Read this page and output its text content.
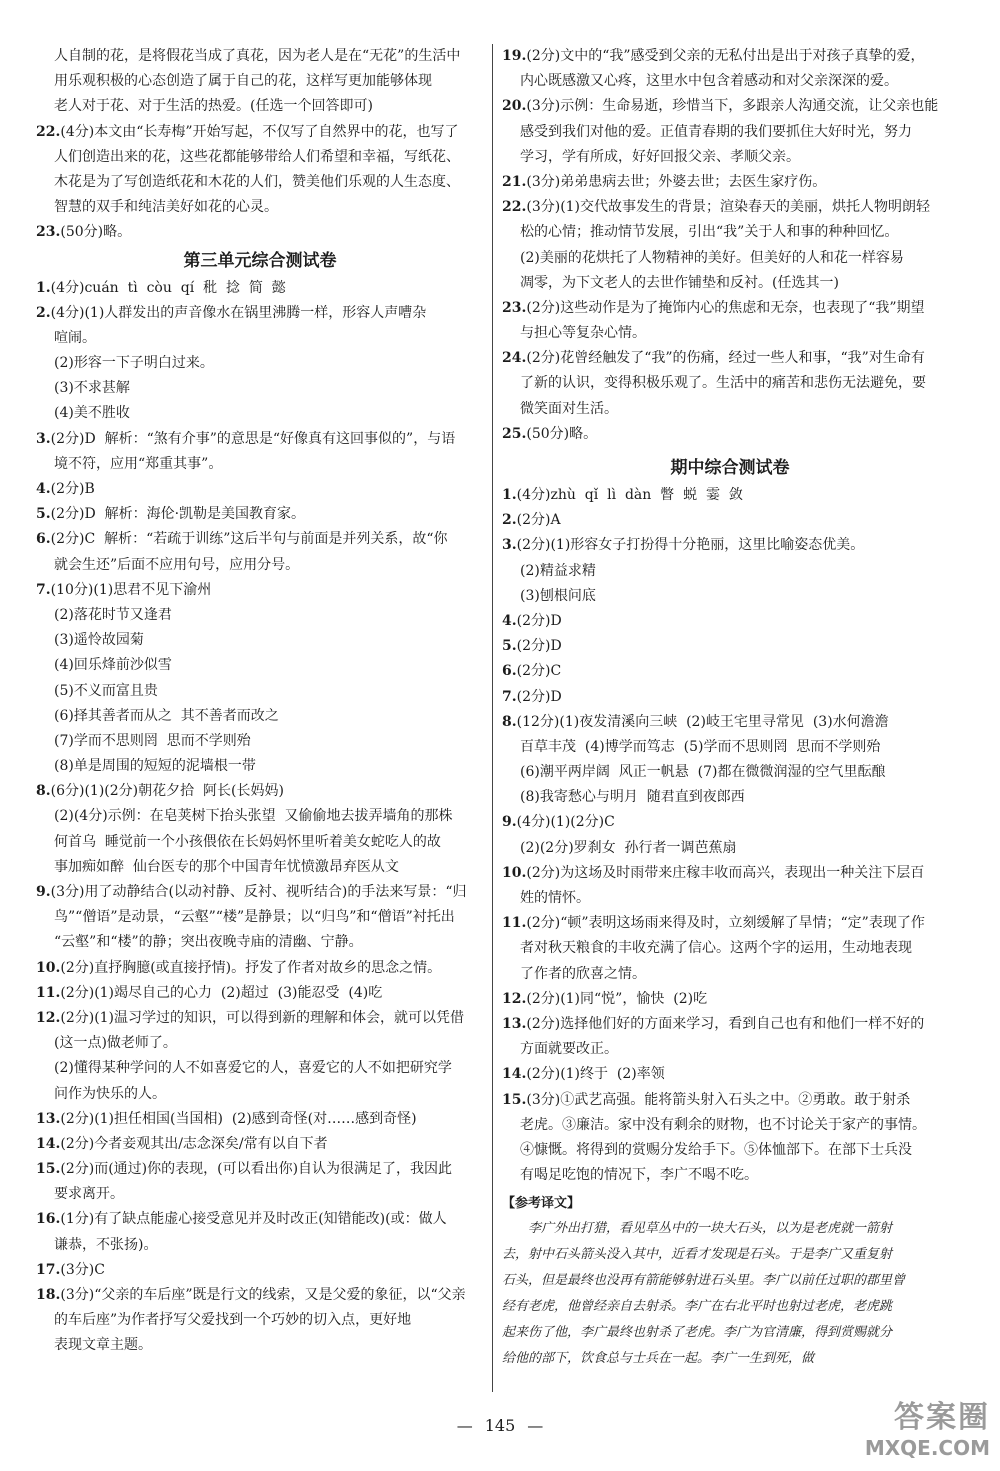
人自制的花，是将假花当成了真花，因为老人是在“无花”的生活中
用乐观积极的心态创造了属于自己的花，这样写更加能够体现
老人对于花、对于生活的热爱。(任选一个回答即可)
22.(4分)本文由“长寿梅”开始写起，不仅写了自然界中的花，也写了
人们创造出来的花，这些花都能够带给人们希望和幸福，写纸花、
木花是为了写创造纸花和木花的人们，赞美他们乐观的人生态度、
智慧的双手和纯洁美好如花的心灵。
23.(50分)略。
第三单元综合测试卷
1.(4分)cuán  tì  còu  qí  秕  捻  简  懿
2.(4分)(1)人群发出的声音像水在锅里沸腾一样，形容人声嘈杂
喧闹。
(2)形容一下子明白过来。
(3)不求甚解
(4)美不胜收
3.(2分)D  解析：“煞有介事”的意思是“好像真有这回事似的”，与语
境不符，应用“郑重其事”。
4.(2分)B
5.(2分)D  解析：海伦·凯勒是美国教育家。
6.(2分)C  解析：“若疏于训练”这后半句与前面是并列关系，故“你
就会生还”后面不应用句号，应用分号。
7.(10分)(1)思君不见下渝州
(2)落花时节又逢君
(3)遥怜故园菊
(4)回乐烽前沙似雪
(5)不义而富且贵
(6)择其善者而从之  其不善者而改之
(7)学而不思则罔  思而不学则殆
(8)单是周围的短短的泥墙根一带
8.(6分)(1)(2分)朝花夕拾  阿长(长妈妈)
(2)(4分)示例：在皂荚树下抬头张望  又偷偷地去拔弄墙角的那株
何首乌  睡觉前一个小孩偎依在长妈妈怀里听着美女蛇吃人的故
事加痴如醉  仙台医专的那个中国青年忧愤激昂弃医从文
9.(3分)用了动静结合(以动衬静、反衬、视听结合)的手法来写景：“归
鸟”“僧语”是动景，“云壑”“楼”是静景；以“归鸟”和“僧语”衬托出
“云壑”和“楼”的静；突出夜晚寺庙的清幽、宁静。
10.(2分)直抒胸臆(或直接抒情)。抒发了作者对故乡的思念之情。
11.(2分)(1)竭尽自己的心力  (2)超过  (3)能忍受  (4)吃
12.(2分)(1)温习学过的知识，可以得到新的理解和体会，就可以凭借
(这一点)做老师了。
(2)懂得某种学问的人不如喜爱它的人，喜爱它的人不如把研究学
问作为快乐的人。
13.(2分)(1)担任相国(当国相)  (2)感到奇怪(对……感到奇怪)
14.(2分)今者妾观其出/志念深矣/常有以自下者
15.(2分)而(通过)你的表现，(可以看出你)自认为很满足了，我因此
要求离开。
16.(1分)有了缺点能虚心接受意见并及时改正(知错能改)(或：做人
谦恭，不张扬)。
17.(3分)C
18.(3分)“父亲的车后座”既是行文的线索，又是父爱的象征，以“父亲
的车后座”为作者抒写父爱找到一个巧妙的切入点，更好地
表现文章主题。
19.(2分)文中的“我”感受到父亲的无私付出是出于对孩子真挚的爱，
内心既感激又心疼，这里水中包含着感动和对父亲深深的爱。
20.(3分)示例：生命易逝，珍惜当下，多跟亲人沟通交流，让父亲也能
感受到我们对他的爱。正值青春期的我们要抓住大好时光，努力
学习，学有所成，好好回报父亲、孝顺父亲。
21.(3分)弟弟患病去世；外婆去世；去医生家疗伤。
22.(3分)(1)交代故事发生的背景；渲染春天的美丽，烘托人物明朗轻
松的心情；推动情节发展，引出“我”关于人和事的种种回忆。
(2)美丽的花烘托了人物精神的美好。但美好的人和花一样容易
凋零，为下文老人的去世作铺垫和反衬。(任选其一)
23.(2分)这些动作是为了掩饰内心的焦虑和无奈，也表现了“我”期望
与担心等复杂心情。
24.(2分)花曾经触发了“我”的伤痛，经过一些人和事，“我”对生命有
了新的认识，变得积极乐观了。生活中的痛苦和悲伤无法避免，要
微笑面对生活。
25.(50分)略。
期中综合测试卷
1.(4分)zhù  qǐ  lì  dàn  瞥  蜕  霎  敛
2.(2分)A
3.(2分)(1)形容女子打扮得十分艳丽，这里比喻姿态优美。
(2)精益求精
(3)刨根问底
4.(2分)D
5.(2分)D
6.(2分)C
7.(2分)D
8.(12分)(1)夜发清溪向三峡  (2)岐王宅里寻常见  (3)水何澹澹
百草丰茂  (4)博学而笃志  (5)学而不思则罔  思而不学则殆
(6)潮平两岸阔  风正一帆悬  (7)都在微微润湿的空气里酝酿
(8)我寄愁心与明月  随君直到夜郎西
9.(4分)(1)(2分)C
(2)(2分)罗刹女  孙行者一调芭蕉扇
10.(2分)为这场及时雨带来庄稼丰收而高兴，表现出一种关注下层百
姓的情怀。
11.(2分)“顿”表明这场雨来得及时，立刻缓解了旱情；“定”表现了作
者对秋天粮食的丰收充满了信心。这两个字的运用，生动地表现
了作者的欣喜之情。
12.(2分)(1)同“悦”，愉快  (2)吃
13.(2分)选择他们好的方面来学习，看到自己也有和他们一样不好的
方面就要改正。
14.(2分)(1)终于  (2)率领
15.(3分)①武艺高强。能将箭头射入石头之中。②勇敢。敢于射杀
老虎。③廉洁。家中没有剩余的财物，也不讨论关于家产的事情。
④慷慨。将得到的赏赐分发给手下。⑤体恤部下。在部下士兵没
有喝足吃饱的情况下，李广不喝不吃。
【参考译文】
李广外出打猎，看见草丛中的一块大石头，以为是老虎就一箭射
去，射中石头箭头没入其中，近看才发现是石头。于是李广又重复射
石头，但是最终也没再有箭能够射进石头里。李广以前任过职的郡里曾
经有老虎，他曾经亲自去射杀。李广在右北平时也射过老虎，老虎跳
起来伤了他，李广最终也射杀了老虎。李广为官清廉，得到赏赐就分
给他的部下，饮食总与士兵在一起。李广一生到死，做
— 145 —	答案圈
MXQE.COM
